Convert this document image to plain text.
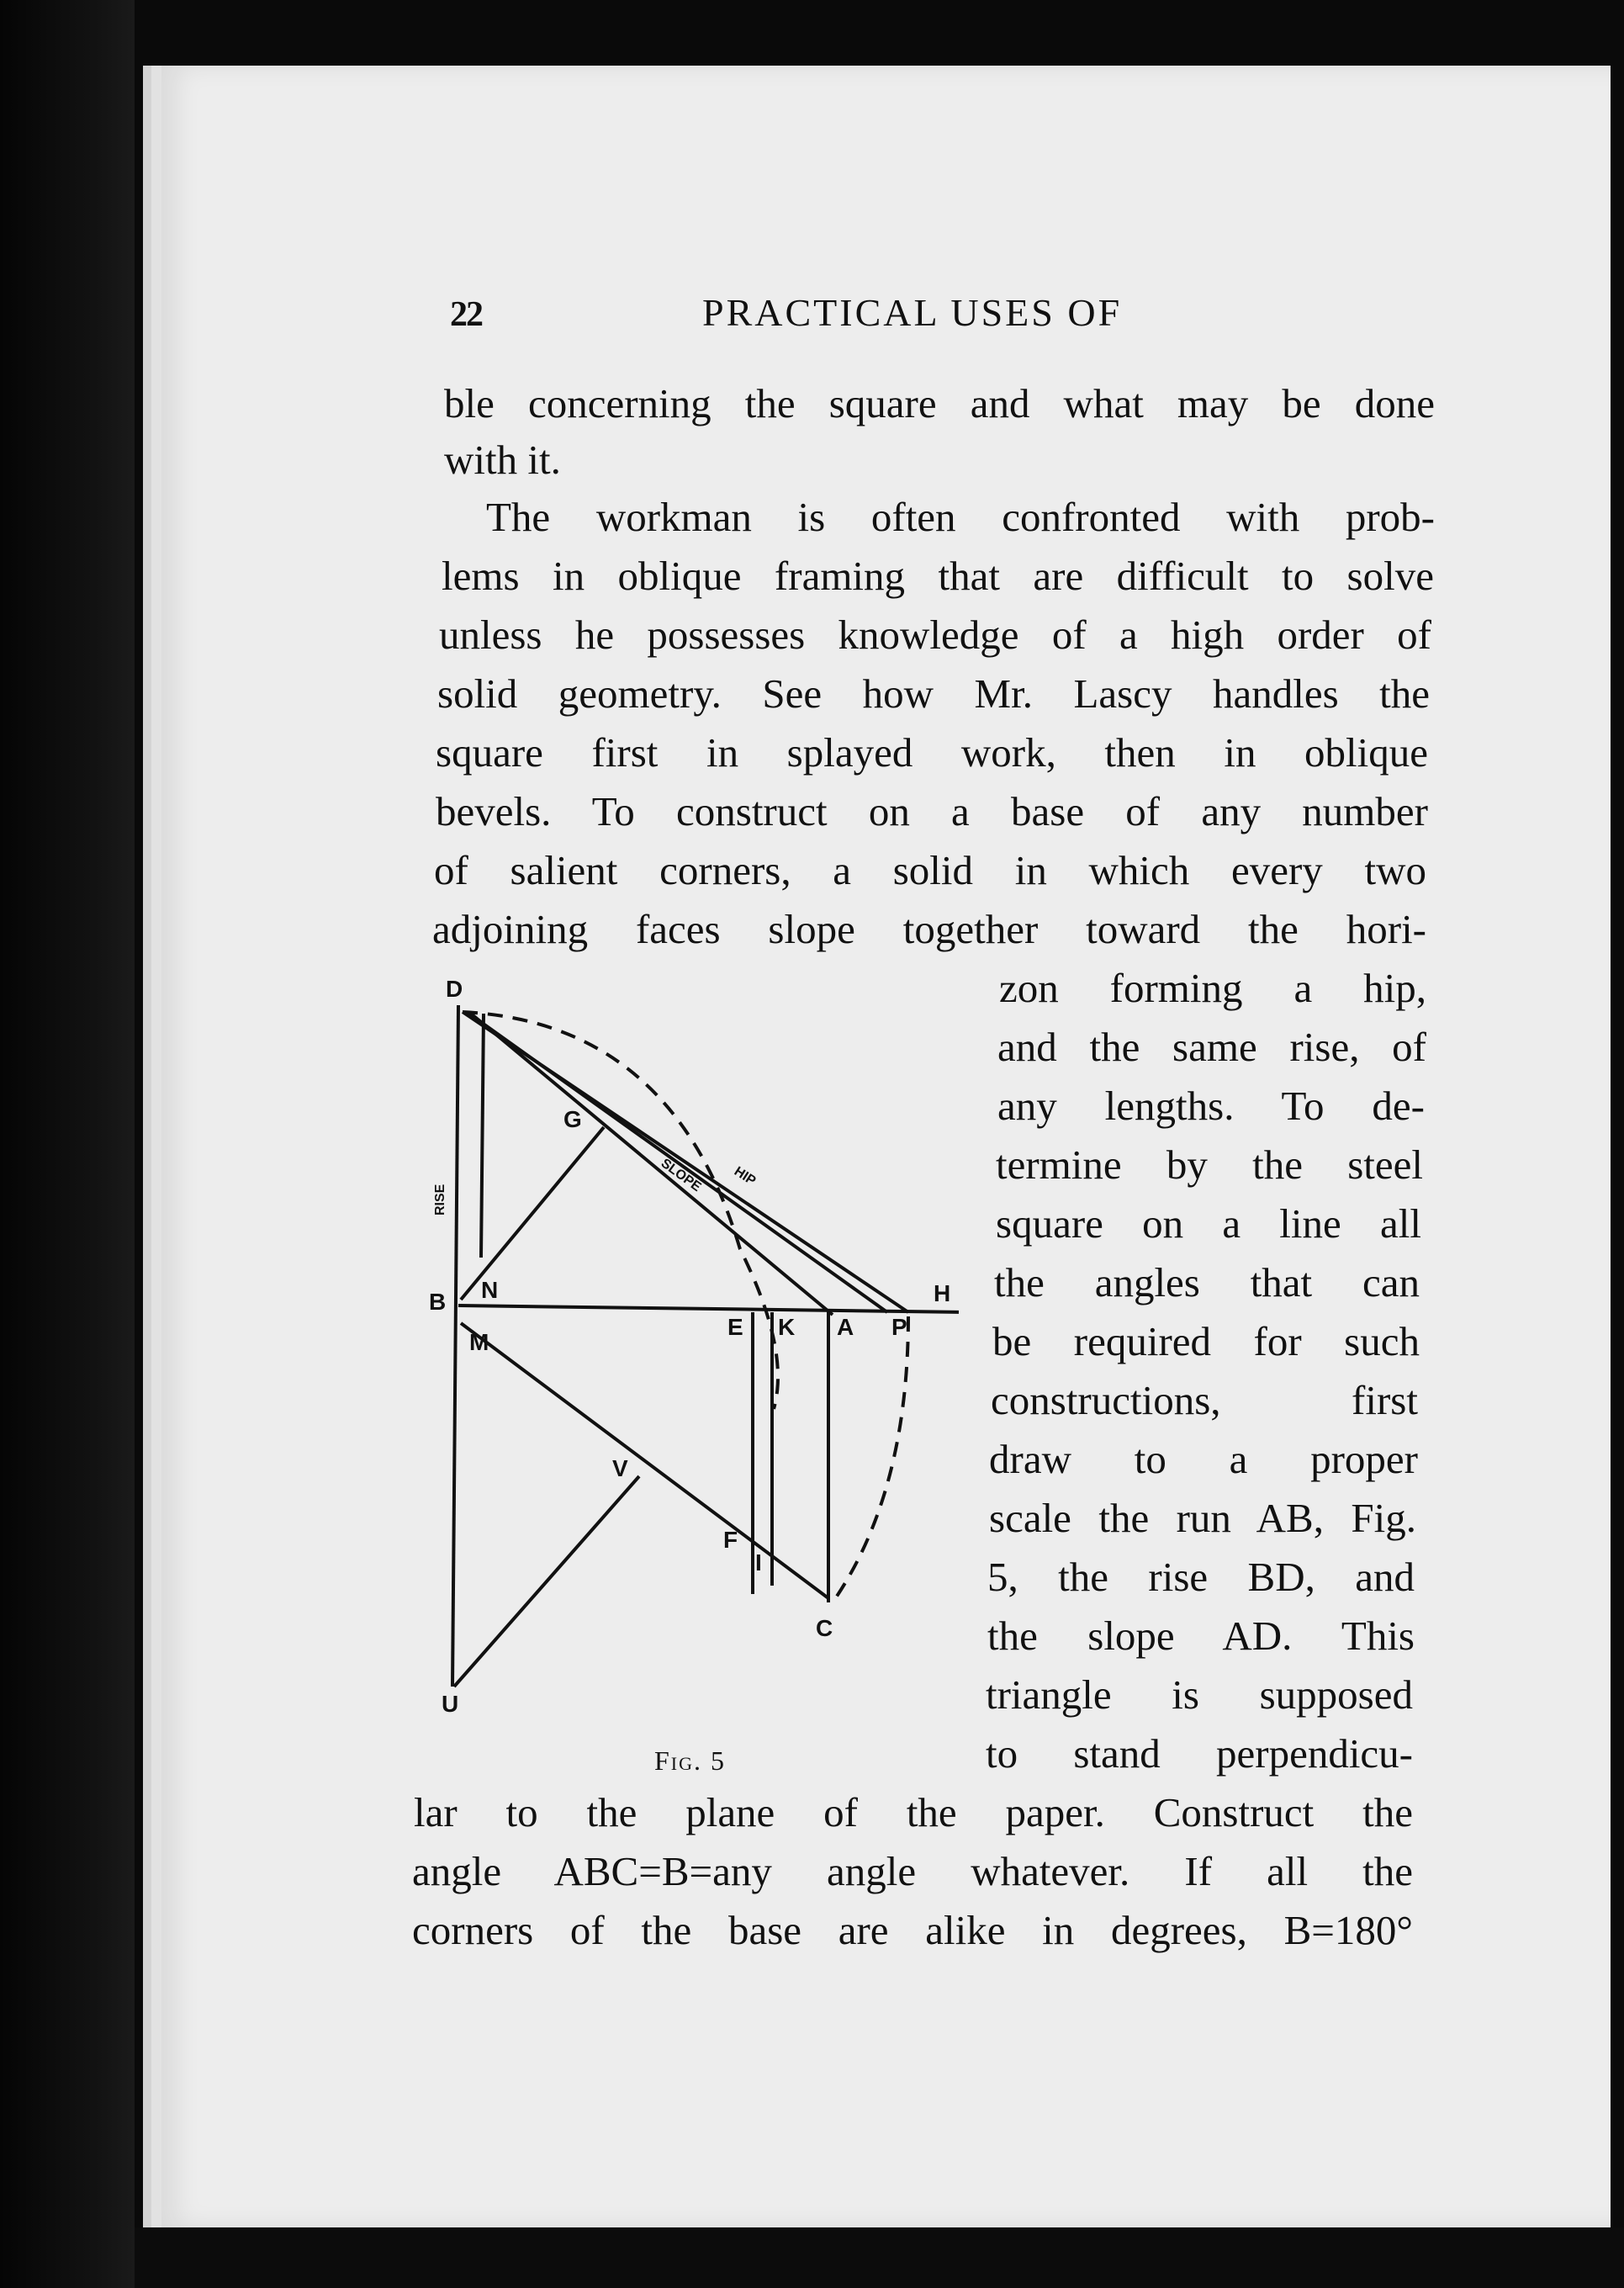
22	PRACTICAL USES OF
ble concerning the square and what may be done
with it.
The workman is often confronted with prob-
lems in oblique framing that are difficult to solve
unless he possesses knowledge of a high order of
solid geometry. See how Mr. Lascy handles the
square first in splayed work, then in oblique
bevels. To construct on a base of any number
of salient corners, a solid in which every two
adjoining faces slope together toward the hori-
zon forming a hip,
and the same rise, of
any lengths. To de-
termine by the steel
square on a line all
the angles that can
be required for such
constructions, first
draw to a proper
scale the run AB, Fig.
5, the rise BD, and
the slope AD. This
triangle is supposed
to stand perpendicu-
lar to the plane of the paper. Construct the
angle ABC=B=any angle whatever. If all the
corners of the base are alike in degrees, B=180°
D
G
B N
M
E K A P
H
V
F
I
C
U
RISE
SLOPE HIP
Fig. 5
